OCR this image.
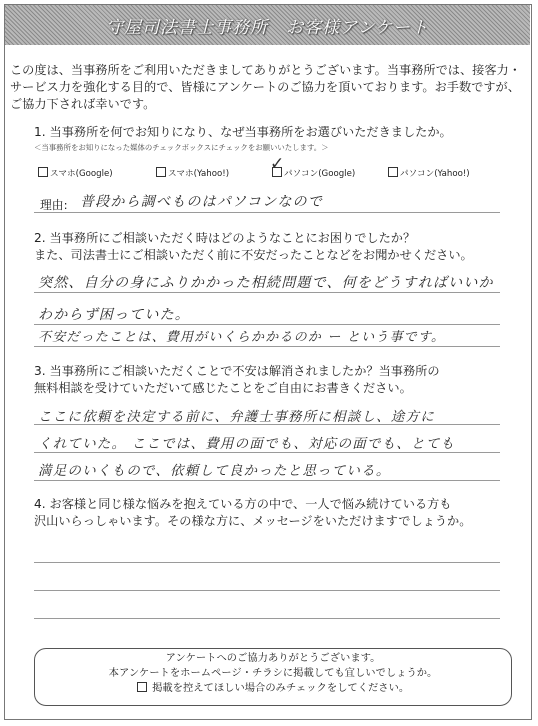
守屋司法書士事務所　お客様アンケート
この度は、当事務所をご利用いただきましてありがとうございます。当事務所では、接客力・サービス力を強化する目的で、皆様にアンケートのご協力を頂いております。お手数ですが、ご協力下されば幸いです。
1. 当事務所を何でお知りになり、なぜ当事務所をお選びいただきましたか。
＜当事務所をお知りになった媒体のチェックボックスにチェックをお願いいたします。＞
スマホ(Google)	スマホ(Yahoo!) ✓ パソコン(Google)	パソコン(Yahoo!)
理由: 普段から調べものはパソコンなので
2. 当事務所にご相談いただく時はどのようなことにお困りでしたか？
また、司法書士にご相談いただく前に不安だったことなどをお聞かせください。
突然、自分の身にふりかかった相続問題で、何をどうすればいいか
わからず困っていた。
不安だったことは、費用がいくらかかるのか ー という事です。
3. 当事務所にご相談いただくことで不安は解消されましたか？当事務所の
無料相談を受けていただいて感じたことをご自由にお書きください。
ここに依頼を決定する前に、弁護士事務所に相談し、途方に
くれていた。 ここでは、費用の面でも、対応の面でも、とても
満足のいくもので、依頼して良かったと思っている。
4. お客様と同じ様な悩みを抱えている方の中で、一人で悩み続けている方も
沢山いらっしゃいます。その様な方に、メッセージをいただけますでしょうか。
アンケートへのご協力ありがとうございます。
本アンケートをホームページ・チラシに掲載しても宜しいでしょうか。
掲載を控えてほしい場合のみチェックをしてください。
